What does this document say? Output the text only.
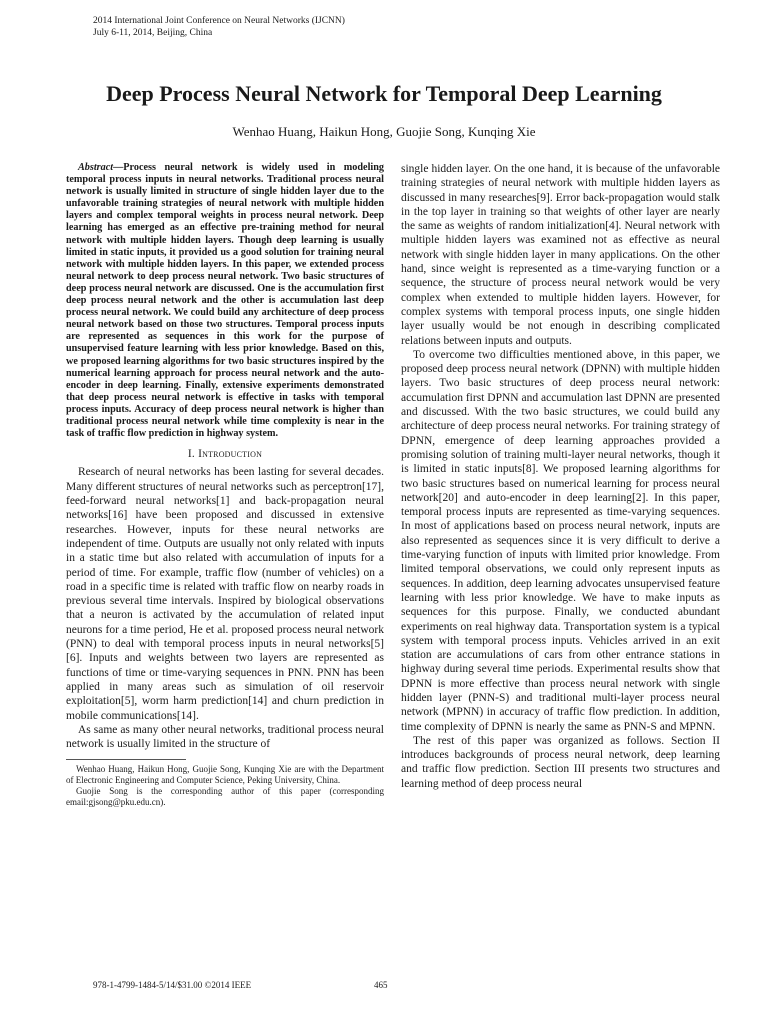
2014 International Joint Conference on Neural Networks (IJCNN)
July 6-11, 2014, Beijing, China
Deep Process Neural Network for Temporal Deep Learning
Wenhao Huang, Haikun Hong, Guojie Song, Kunqing Xie

Abstract—Process neural network is widely used in modeling temporal process inputs in neural networks. Traditional process neural network is usually limited in structure of single hidden layer due to the unfavorable training strategies of neural network with multiple hidden layers and complex temporal weights in process neural network. Deep learning has emerged as an effective pre-training method for neural network with multiple hidden layers. Though deep learning is usually limited in static inputs, it provided us a good solution for training neural network with multiple hidden layers. In this paper, we extended process neural network to deep process neural network. Two basic structures of deep process neural network are discussed. One is the accumulation first deep process neural network and the other is accumulation last deep process neural network. We could build any architecture of deep process neural network based on those two structures. Temporal process inputs are represented as sequences in this work for the purpose of unsupervised feature learning with less prior knowledge. Based on this, we proposed learning algorithms for two basic structures inspired by the numerical learning approach for process neural network and the auto-encoder in deep learning. Finally, extensive experiments demonstrated that deep process neural network is effective in tasks with temporal process inputs. Accuracy of deep process neural network is higher than traditional process neural network while time complexity is near in the task of traffic flow prediction in highway system.

I. Introduction

Research of neural networks has been lasting for several decades. Many different structures of neural networks such as perceptron[17], feed-forward neural networks[1] and back-propagation neural networks[16] have been proposed and discussed in extensive researches. However, inputs for these neural networks are independent of time. Outputs are usually not only related with inputs in a static time but also related with accumulation of inputs for a period of time. For example, traffic flow (number of vehicles) on a road in a specific time is related with traffic flow on nearby roads in previous several time intervals. Inspired by biological observations that a neuron is activated by the accumulation of related input neurons for a time period, He et al. proposed process neural network (PNN) to deal with temporal process inputs in neural networks[5][6]. Inputs and weights between two layers are represented as functions of time or time-varying sequences in PNN. PNN has been applied in many areas such as simulation of oil reservoir exploitation[5], worm harm prediction[14] and churn prediction in mobile communications[14].

As same as many other neural networks, traditional process neural network is usually limited in the structure of

Wenhao Huang, Haikun Hong, Guojie Song, Kunqing Xie are with the Department of Electronic Engineering and Computer Science, Peking University, China.

Guojie Song is the corresponding author of this paper (corresponding email:gjsong@pku.edu.cn).

single hidden layer. On the one hand, it is because of the unfavorable training strategies of neural network with multiple hidden layers as discussed in many researches[9]. Error back-propagation would stalk in the top layer in training so that weights of other layer are nearly the same as weights of random initialization[4]. Neural network with multiple hidden layers was examined not as effective as neural network with single hidden layer in many applications. On the other hand, since weight is represented as a time-varying function or a sequence, the structure of process neural network would be very complex when extended to multiple hidden layers. However, for complex systems with temporal process inputs, one single hidden layer usually would be not enough in describing complicated relations between inputs and outputs.

To overcome two difficulties mentioned above, in this paper, we proposed deep process neural network (DPNN) with multiple hidden layers. Two basic structures of deep process neural network: accumulation first DPNN and accumulation last DPNN are presented and discussed. With the two basic structures, we could build any architecture of deep process neural networks. For training strategy of DPNN, emergence of deep learning approaches provided a promising solution of training multi-layer neural networks, though it is limited in static inputs[8]. We proposed learning algorithms for two basic structures based on numerical learning for process neural network[20] and auto-encoder in deep learning[2]. In this paper, temporal process inputs are represented as time-varying sequences. In most of applications based on process neural network, inputs are also represented as sequences since it is very difficult to derive a time-varying function of inputs with limited prior knowledge. From limited temporal observations, we could only represent inputs as sequences. In addition, deep learning advocates unsupervised feature learning with less prior knowledge. We have to make inputs as sequences for this purpose. Finally, we conducted abundant experiments on real highway data. Transportation system is a typical system with temporal process inputs. Vehicles arrived in an exit station are accumulations of cars from other entrance stations in highway during several time periods. Experimental results show that DPNN is more effective than process neural network with single hidden layer (PNN-S) and traditional multi-layer process neural network (MPNN) in accuracy of traffic flow prediction. In addition, time complexity of DPNN is nearly the same as PNN-S and MPNN.

The rest of this paper was organized as follows. Section II introduces backgrounds of process neural network, deep learning and traffic flow prediction. Section III presents two structures and learning method of deep process neural

978-1-4799-1484-5/14/$31.00 ©2014 IEEE	465
